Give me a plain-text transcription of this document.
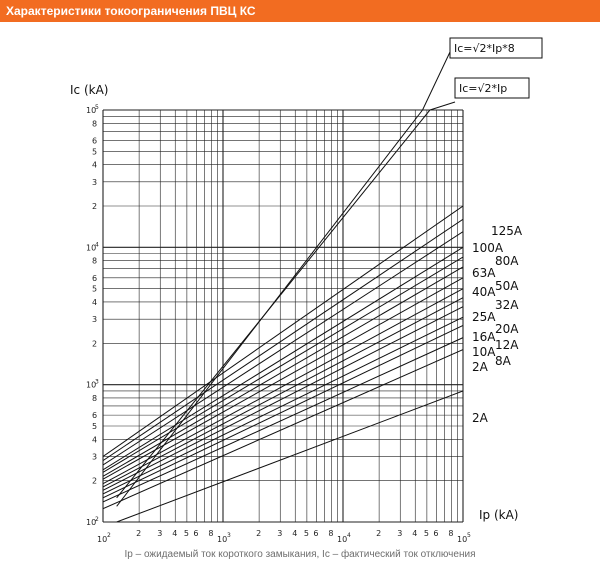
Характеристики токоограничения ПВЦ КС
10 2	2 3 4 5 6 8
10 3	2 3 4 5 6 8
10 4	2 3 4 5 6 8
10 5
10
2
2
3
4
5
6
8
10
3
2
3
4
5
6
8
10
4
2
3
4
5
6
8
10
5
125A
100A
80A
63A
50A
40A
32A
25A
20A
16A
12A
10A
8A
2A
2A
Ic=√2*Ip*8
Ic=√2*Ip
Ic (kA)
Ip (kA)
Ip – ожидаемый ток короткого замыкания, Ic – фактический ток отключения
